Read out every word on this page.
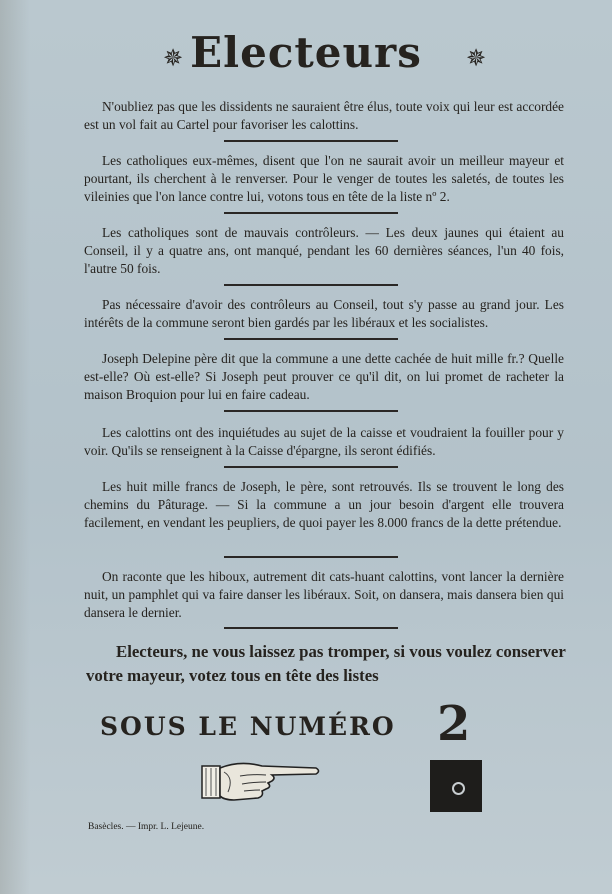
Electeurs
✵	✵
N'oubliez pas que les dissidents ne sauraient être élus, toute voix qui leur est accordée est un vol fait au Cartel pour favoriser les calottins.
Les catholiques eux-mêmes, disent que l'on ne saurait avoir un meilleur mayeur et pourtant, ils cherchent à le renverser. Pour le venger de toutes les saletés, de toutes les vileinies que l'on lance contre lui, votons tous en tête de la liste nº 2.
Les catholiques sont de mauvais contrôleurs. — Les deux jaunes qui étaient au Conseil, il y a quatre ans, ont manqué, pendant les 60 dernières séances, l'un 40 fois, l'autre 50 fois.
Pas nécessaire d'avoir des contrôleurs au Conseil, tout s'y passe au grand jour. Les intérêts de la commune seront bien gardés par les libéraux et les socialistes.
Joseph Delepine père dit que la commune a une dette cachée de huit mille fr.? Quelle est-elle? Où est-elle? Si Joseph peut prouver ce qu'il dit, on lui promet de racheter la maison Broquion pour lui en faire cadeau.
Les calottins ont des inquiétudes au sujet de la caisse et voudraient la fouiller pour y voir. Qu'ils se renseignent à la Caisse d'épargne, ils seront édifiés.
Les huit mille francs de Joseph, le père, sont retrouvés. Ils se trouvent le long des chemins du Pâturage. — Si la commune a un jour besoin d'argent elle trouvera facilement, en vendant les peupliers, de quoi payer les 8.000 francs de la dette prétendue.
On raconte que les hiboux, autrement dit cats-huant calottins, vont lancer la dernière nuit, un pamphlet qui va faire danser les libéraux. Soit, on dansera, mais dansera bien qui dansera le dernier.
Electeurs, ne vous laissez pas tromper, si vous voulez conserver votre mayeur, votez tous en tête des listes
SOUS LE NUMÉRO 2
Basècles. — Impr. L. Lejeune.
